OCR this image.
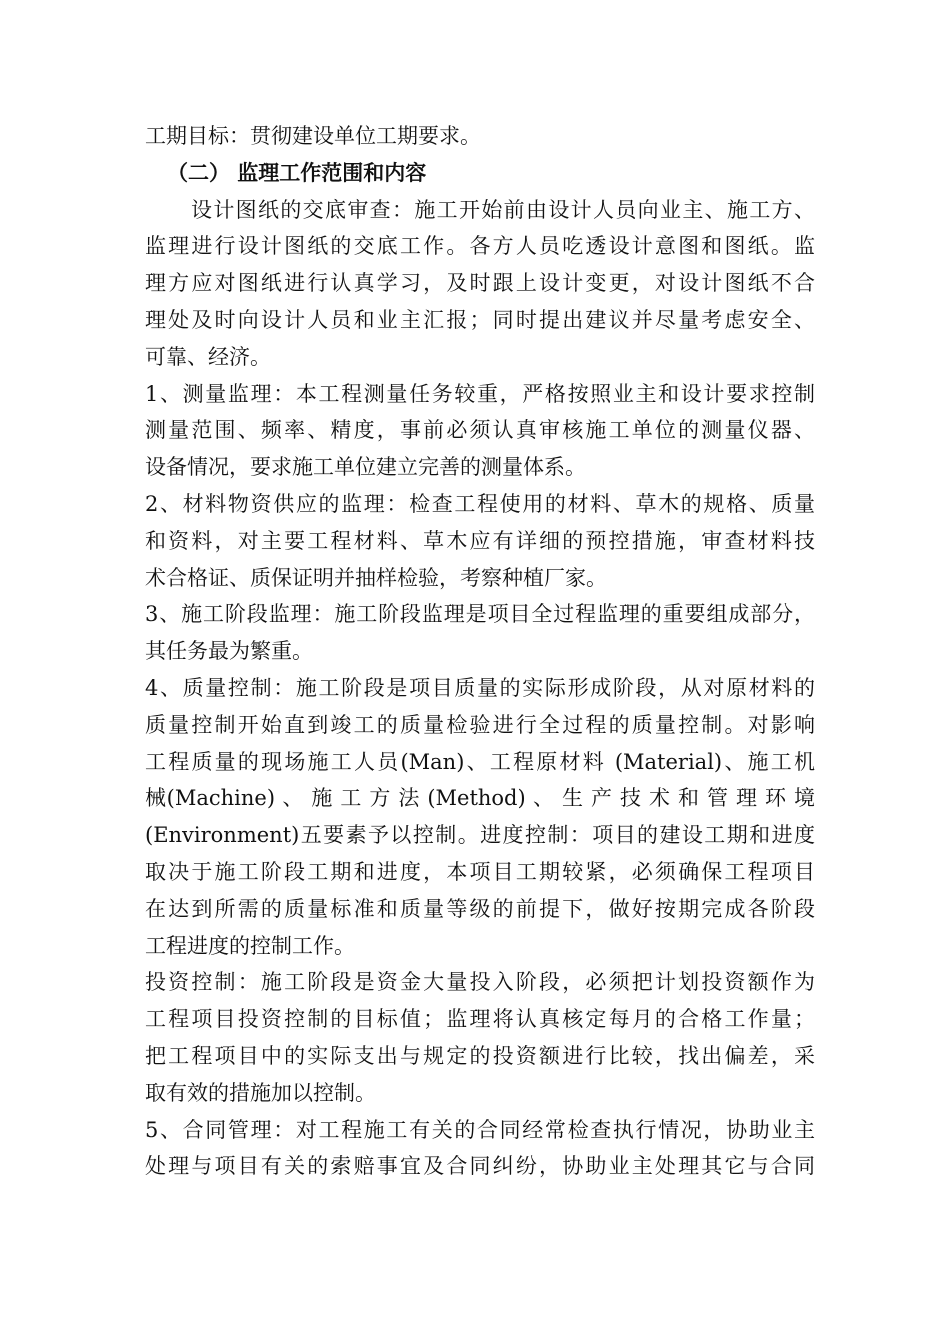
工期目标：贯彻建设单位工期要求。
（二） 监理工作范围和内容
设计图纸的交底审查：施工开始前由设计人员向业主、施工方、
监理进行设计图纸的交底工作。各方人员吃透设计意图和图纸。监
理方应对图纸进行认真学习，及时跟上设计变更，对设计图纸不合
理处及时向设计人员和业主汇报；同时提出建议并尽量考虑安全、
可靠、经济。
1、测量监理：本工程测量任务较重，严格按照业主和设计要求控制
测量范围、频率、精度，事前必须认真审核施工单位的测量仪器、
设备情况，要求施工单位建立完善的测量体系。
2、材料物资供应的监理：检查工程使用的材料、草木的规格、质量
和资料，对主要工程材料、草木应有详细的预控措施，审查材料技
术合格证、质保证明并抽样检验，考察种植厂家。
3、施工阶段监理：施工阶段监理是项目全过程监理的重要组成部分，
其任务最为繁重。
4、质量控制：施工阶段是项目质量的实际形成阶段，从对原材料的
质量控制开始直到竣工的质量检验进行全过程的质量控制。对影响
工程质量的现场施工人员(Man)、工程原材料 (Material)、施工机
械(Machine) 、 施 工 方 法 (Method) 、 生 产 技 术 和 管 理 环 境
(Environment)五要素予以控制。进度控制：项目的建设工期和进度
取决于施工阶段工期和进度，本项目工期较紧，必须确保工程项目
在达到所需的质量标准和质量等级的前提下，做好按期完成各阶段
工程进度的控制工作。
投资控制：施工阶段是资金大量投入阶段，必须把计划投资额作为
工程项目投资控制的目标值；监理将认真核定每月的合格工作量；
把工程项目中的实际支出与规定的投资额进行比较，找出偏差，采
取有效的措施加以控制。
5、合同管理：对工程施工有关的合同经常检查执行情况，协助业主
处理与项目有关的索赔事宜及合同纠纷，协助业主处理其它与合同
